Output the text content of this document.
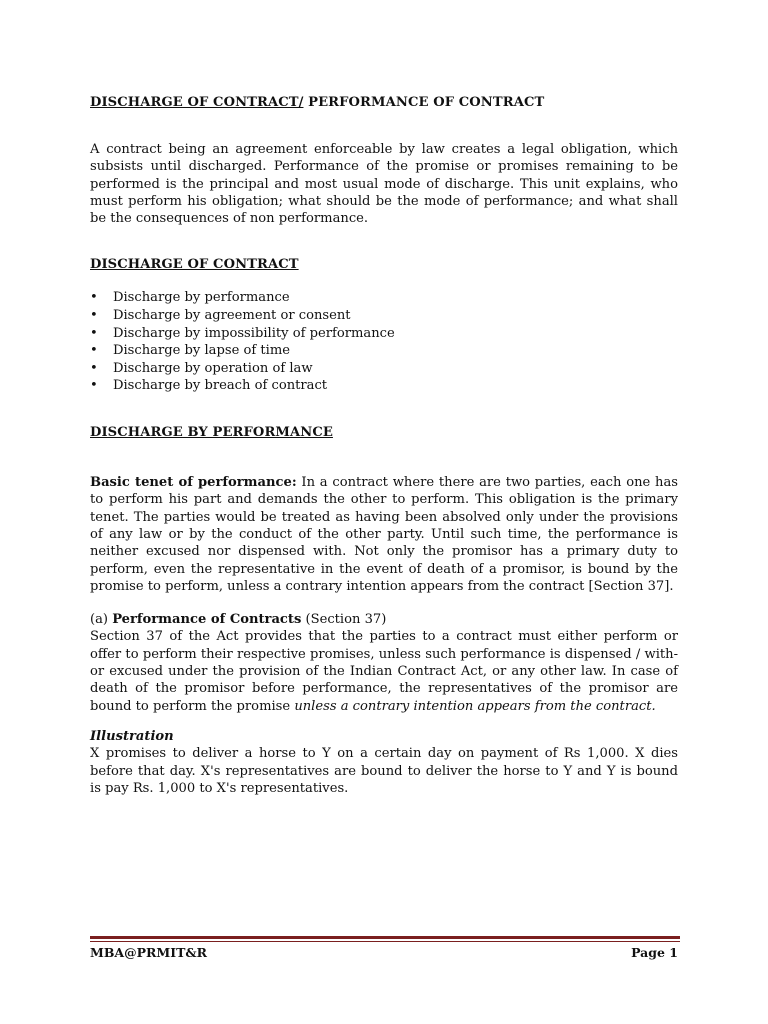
DISCHARGE OF CONTRACT/ PERFORMANCE OF CONTRACT

A contract being an agreement enforceable by law creates a legal obligation, which subsists until discharged. Performance of the promise or promises remaining to be performed is the principal and most usual mode of discharge. This unit explains, who must perform his obligation; what should be the mode of performance; and what shall be the consequences of non performance.

DISCHARGE OF CONTRACT
• Discharge by performance
• Discharge by agreement or consent
• Discharge by impossibility of performance
• Discharge by lapse of time
• Discharge by operation of law
• Discharge by breach of contract
DISCHARGE BY PERFORMANCE

Basic tenet of performance: In a contract where there are two parties, each one has to perform his part and demands the other to perform. This obligation is the primary tenet. The parties would be treated as having been absolved only under the provisions of any law or by the conduct of the other party. Until such time, the performance is neither excused nor dispensed with. Not only the promisor has a primary duty to perform, even the representative in the event of death of a promisor, is bound by the promise to perform, unless a contrary intention appears from the contract [Section 37].

(a) Performance of Contracts (Section 37)

Section 37 of the Act provides that the parties to a contract must either perform or offer to perform their respective promises, unless such performance is dispensed / with-or excused under the provision of the Indian Contract Act, or any other law. In case of death of the promisor before performance, the representatives of the promisor are bound to perform the promise unless a contrary intention appears from the contract.

Illustration

X promises to deliver a horse to Y on a certain day on payment of Rs 1,000. X dies before that day. X's representatives are bound to deliver the horse to Y and Y is bound is pay Rs. 1,000 to X's representatives.

MBA@PRMIT&R	Page 1
